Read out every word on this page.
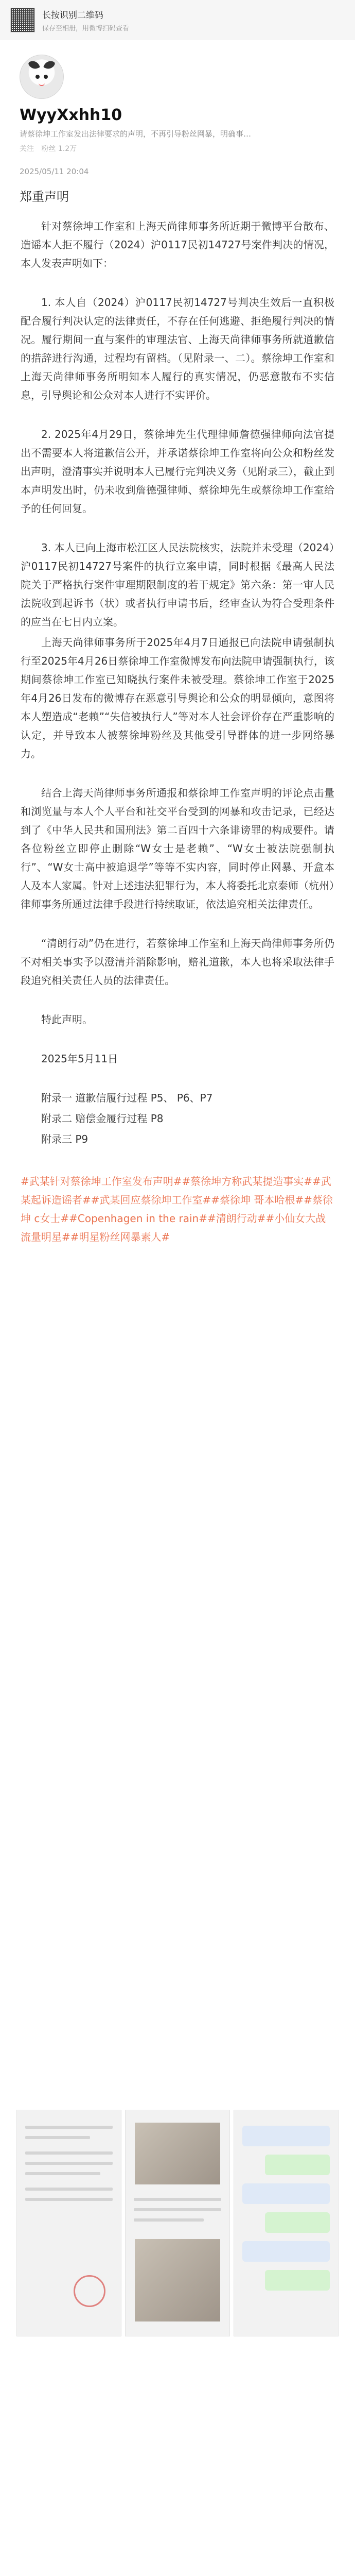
长按识别二维码
保存至相册，用微博扫码查看
WyyXxhh10
请蔡徐坤工作室发出法律要求的声明，不再引导粉丝网暴，明确事…
关注 粉丝 1.2万
2025/05/11 20:04
郑重声明

针对蔡徐坤工作室和上海天尚律师事务所近期于微博平台散布、造谣本人拒不履行（2024）沪0117民初14727号案件判决的情况，本人发表声明如下：

1. 本人自（2024）沪0117民初14727号判决生效后一直积极配合履行判决认定的法律责任，不存在任何逃避、拒绝履行判决的情况。履行期间一直与案件的审理法官、上海天尚律师事务所就道歉信的措辞进行沟通，过程均有留档。（见附录一、二）。蔡徐坤工作室和上海天尚律师事务所明知本人履行的真实情况，仍恶意散布不实信息，引导舆论和公众对本人进行不实评价。

2. 2025年4月29日，蔡徐坤先生代理律师詹德强律师向法官提出不需要本人将道歉信公开，并承诺蔡徐坤工作室将向公众和粉丝发出声明，澄清事实并说明本人已履行完判决义务（见附录三），截止到本声明发出时，仍未收到詹德强律师、蔡徐坤先生或蔡徐坤工作室给予的任何回复。

3. 本人已向上海市松江区人民法院核实，法院并未受理（2024）沪0117民初14727号案件的执行立案申请，同时根据《最高人民法院关于严格执行案件审理期限制度的若干规定》第六条：第一审人民法院收到起诉书（状）或者执行申请书后，经审查认为符合受理条件的应当在七日内立案。

上海天尚律师事务所于2025年4月7日通报已向法院申请强制执行至2025年4月26日蔡徐坤工作室微博发布向法院申请强制执行，该期间蔡徐坤工作室已知晓执行案件未被受理。蔡徐坤工作室于2025年4月26日发布的微博存在恶意引导舆论和公众的明显倾向，意图将本人塑造成“老赖”“失信被执行人”等对本人社会评价存在严重影响的认定，并导致本人被蔡徐坤粉丝及其他受引导群体的进一步网络暴力。

结合上海天尚律师事务所通报和蔡徐坤工作室声明的评论点击量和浏览量与本人个人平台和社交平台受到的网暴和攻击记录，已经达到了《中华人民共和国刑法》第二百四十六条诽谤罪的构成要件。请各位粉丝立即停止删除“W女士是老赖”、“W女士被法院强制执行”、“W女士高中被追退学”等等不实内容，同时停止网暴、开盒本人及本人家属。针对上述违法犯罪行为，本人将委托北京泰师（杭州）律师事务所通过法律手段进行持续取证，依法追究相关法律责任。

“清朗行动”仍在进行，若蔡徐坤工作室和上海天尚律师事务所仍不对相关事实予以澄清并消除影响，赔礼道歉，本人也将采取法律手段追究相关责任人员的法律责任。

特此声明。

2025年5月11日

附录一 道歉信履行过程 P5、 P6、P7

附录二 赔偿金履行过程 P8

附录三 P9

#武某针对蔡徐坤工作室发布声明##蔡徐坤方称武某提造事实##武某起诉造谣者##武某回应蔡徐坤工作室##蔡徐坤 哥本哈根##蔡徐坤 c女士##Copenhagen in the rain##清朗行动##小仙女大战流量明星##明星粉丝网暴素人#
